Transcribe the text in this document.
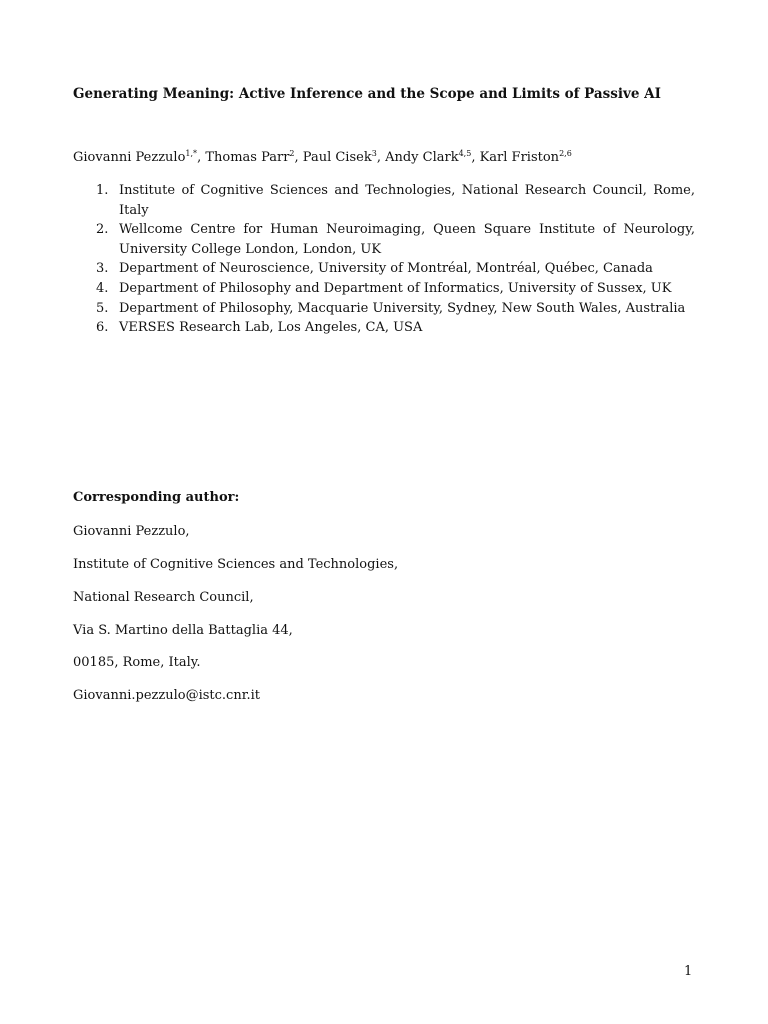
Generating Meaning: Active Inference and the Scope and Limits of Passive AI
Giovanni Pezzulo$^{1,*}$, Thomas Parr$^2$, Paul Cisek$^3$, Andy Clark$^{4,5}$, Karl Friston$^{2,6}$
1. Institute of Cognitive Sciences and Technologies, National Research Council, Rome, Italy
2. Wellcome Centre for Human Neuroimaging, Queen Square Institute of Neurology, University College London, London, UK
3. Department of Neuroscience, University of Montréal, Montréal, Québec, Canada
4. Department of Philosophy and Department of Informatics, University of Sussex, UK
5. Department of Philosophy, Macquarie University, Sydney, New South Wales, Australia
6. VERSES Research Lab, Los Angeles, CA, USA
Corresponding author:
Giovanni Pezzulo,
Institute of Cognitive Sciences and Technologies,
National Research Council,
Via S. Martino della Battaglia 44,
00185, Rome, Italy.
Giovanni.pezzulo@istc.cnr.it
1
